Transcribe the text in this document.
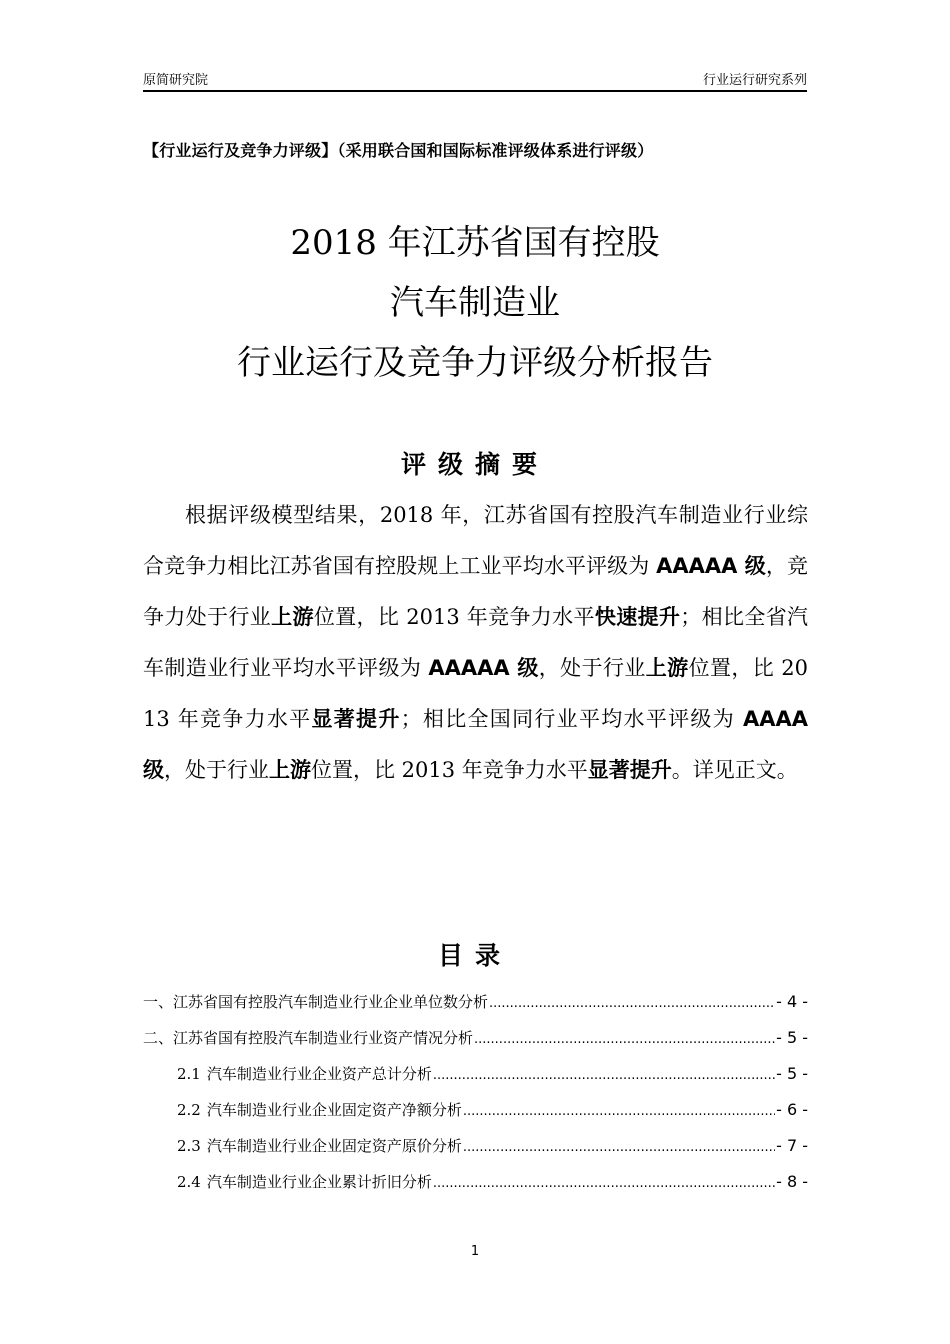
原简研究院	行业运行研究系列
【行业运行及竞争力评级】（采用联合国和国际标准评级体系进行评级）
2018 年江苏省国有控股
汽车制造业
行业运行及竞争力评级分析报告
评级摘要
根据评级模型结果，2018 年，江苏省国有控股汽车制造业行业综合竞争力相比江苏省国有控股规上工业平均水平评级为 AAAAA 级，竞争力处于行业上游位置，比 2013 年竞争力水平快速提升；相比全省汽车制造业行业平均水平评级为 AAAAA 级，处于行业上游位置，比 2013 年竞争力水平显著提升；相比全国同行业平均水平评级为 AAAA 级，处于行业上游位置，比 2013 年竞争力水平显著提升。详见正文。
目录
一、江苏省国有控股汽车制造业行业企业单位数分析 .....	- 4 -
二、江苏省国有控股汽车制造业行业资产情况分析 .....	- 5 -
2.1 汽车制造业行业企业资产总计分析 .....	- 5 -
2.2 汽车制造业行业企业固定资产净额分析 .....	- 6 -
2.3 汽车制造业行业企业固定资产原价分析 .....	- 7 -
2.4 汽车制造业行业企业累计折旧分析 .....	- 8 -
1
